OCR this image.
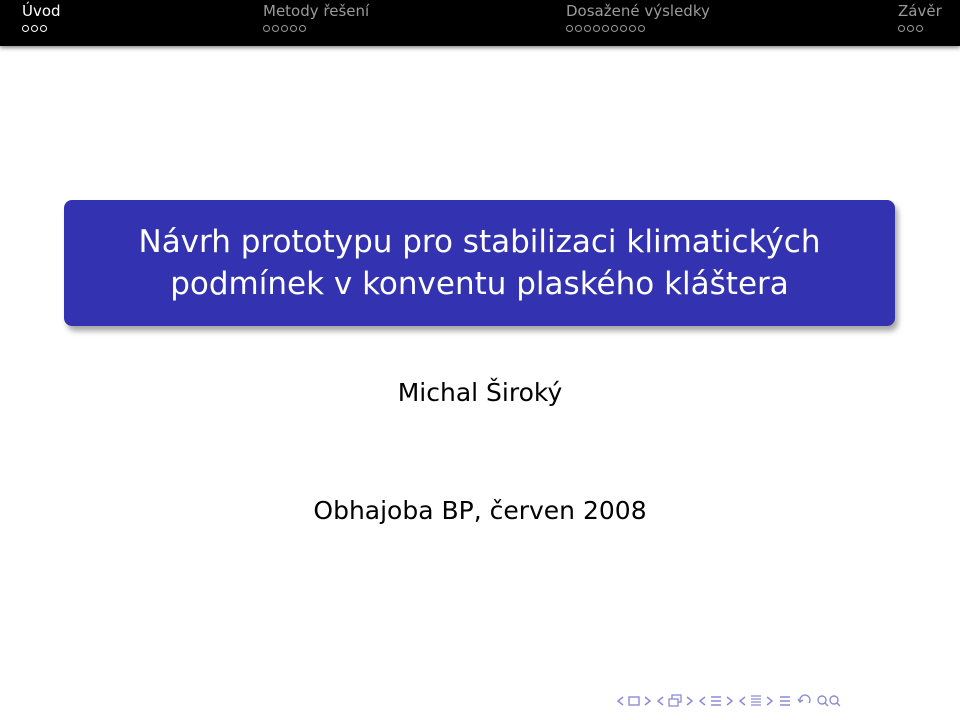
Úvod	Metody řešení	Dosažené výsledky	Závěr
Návrh prototypu pro stabilizaci klimatických
podmínek v konventu plaského kláštera
Michal Široký
Obhajoba BP, červen 2008
